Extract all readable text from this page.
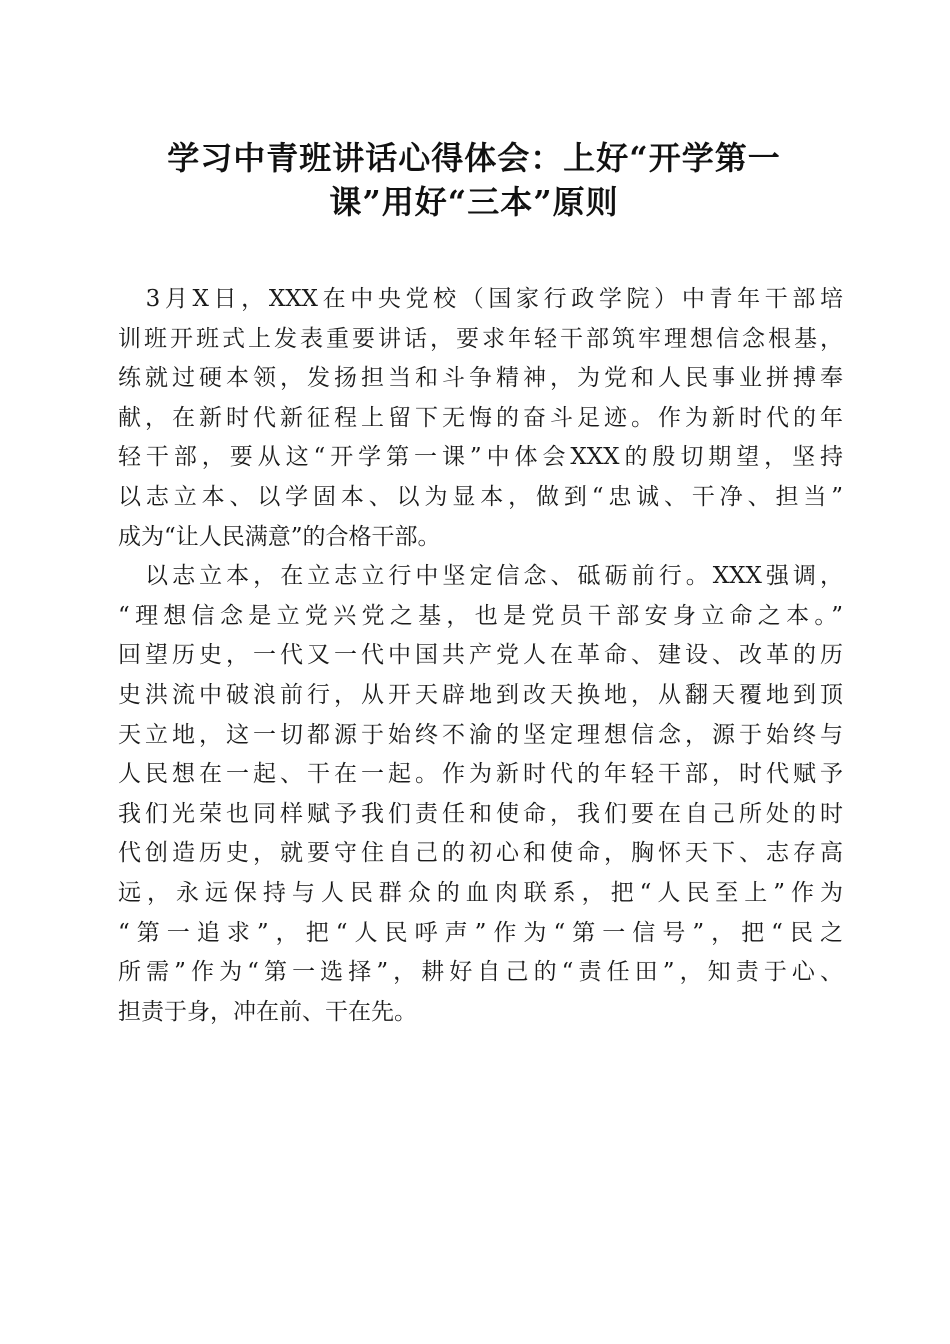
学习中青班讲话心得体会：上好“开学第一
课”用好“三本”原则
　3月X日，XXX在中央党校（国家行政学院）中青年干部培
训班开班式上发表重要讲话，要求年轻干部筑牢理想信念根基，
练就过硬本领，发扬担当和斗争精神，为党和人民事业拼搏奉
献，在新时代新征程上留下无悔的奋斗足迹。作为新时代的年
轻干部，要从这“开学第一课”中体会XXX的殷切期望，坚持
以志立本、以学固本、以为显本，做到“忠诚、干净、担当”
成为“让人民满意”的合格干部。
　以志立本，在立志立行中坚定信念、砥砺前行。XXX强调，
“理想信念是立党兴党之基，也是党员干部安身立命之本。”
回望历史，一代又一代中国共产党人在革命、建设、改革的历
史洪流中破浪前行，从开天辟地到改天换地，从翻天覆地到顶
天立地，这一切都源于始终不渝的坚定理想信念，源于始终与
人民想在一起、干在一起。作为新时代的年轻干部，时代赋予
我们光荣也同样赋予我们责任和使命，我们要在自己所处的时
代创造历史，就要守住自己的初心和使命，胸怀天下、志存高
远，永远保持与人民群众的血肉联系，把“人民至上”作为
“第一追求”，把“人民呼声”作为“第一信号”，把“民之
所需”作为“第一选择”，耕好自己的“责任田”，知责于心、
担责于身，冲在前、干在先。
